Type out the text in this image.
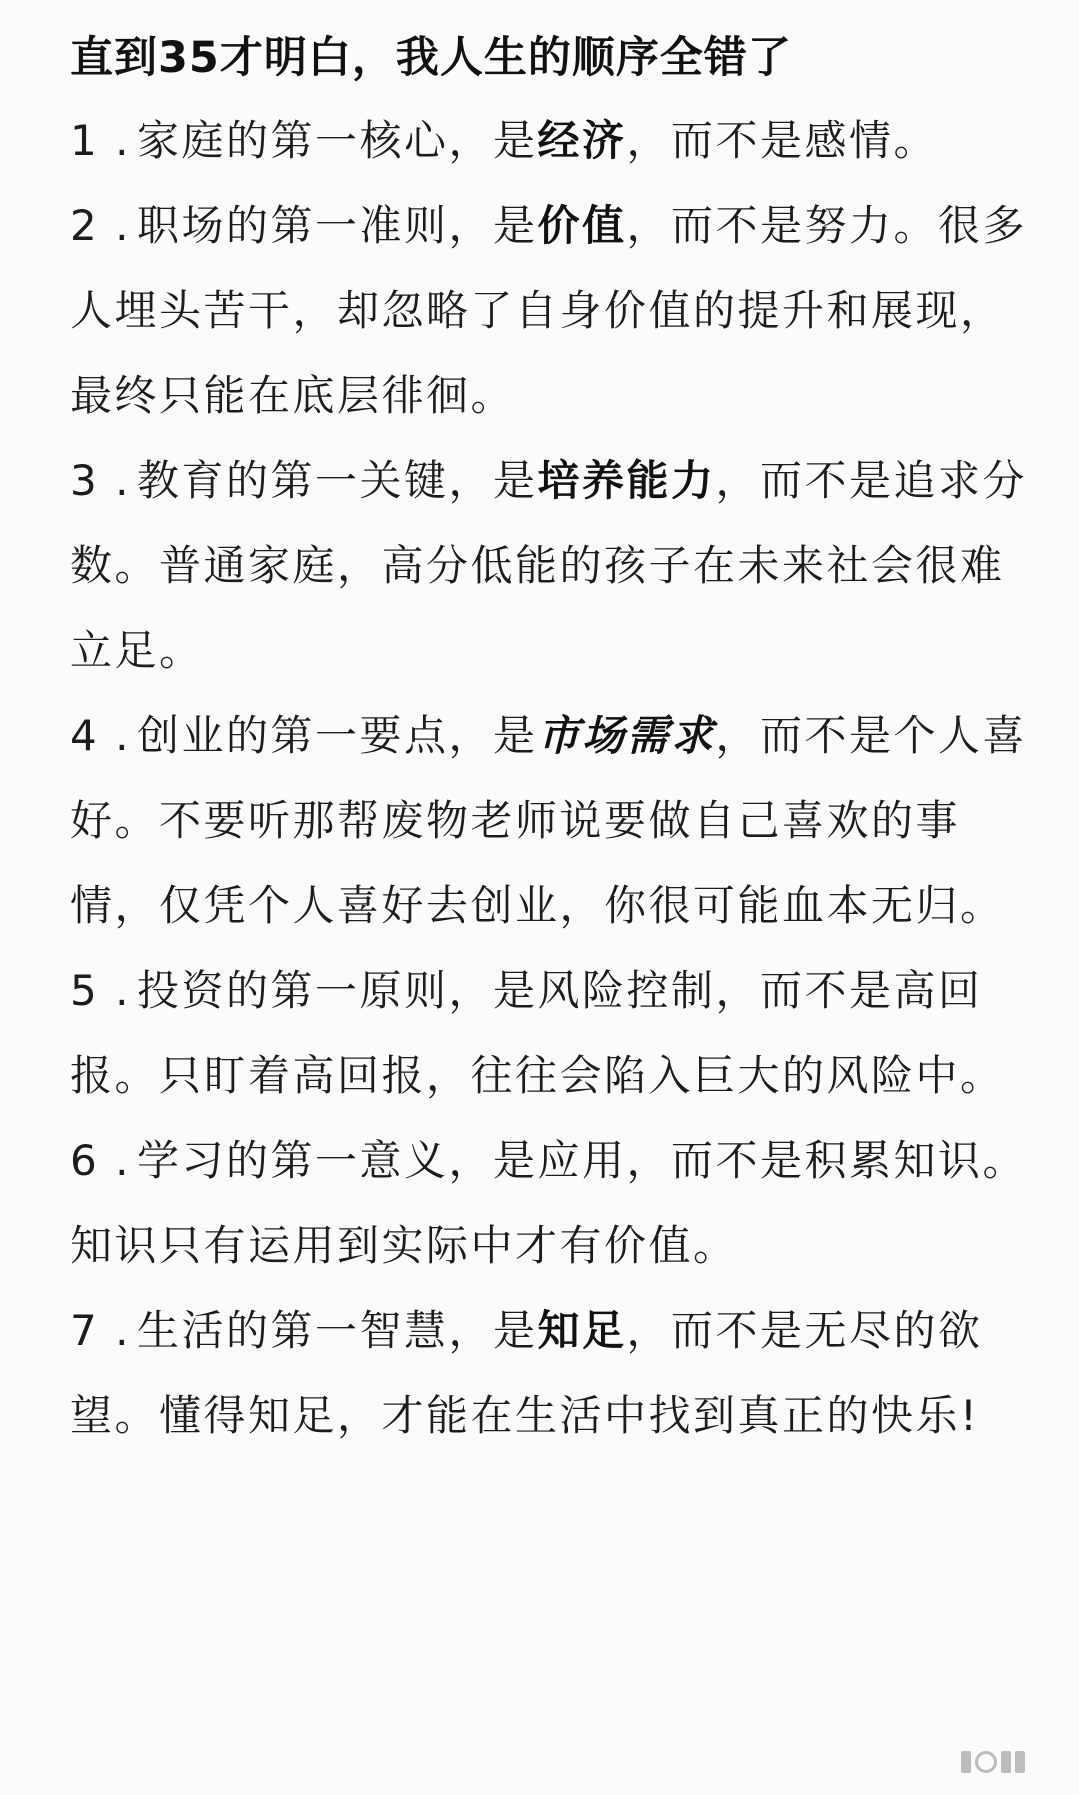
直到35才明白，我人生的顺序全错了

1 . 家庭的第一核心，是经济，而不是感情。

2 . 职场的第一准则，是价值，而不是努力。很多人埋头苦干，却忽略了自身价值的提升和展现，最终只能在底层徘徊。

3 . 教育的第一关键，是培养能力，而不是追求分数。普通家庭，高分低能的孩子在未来社会很难立足。

4 . 创业的第一要点，是市场需求，而不是个人喜好。不要听那帮废物老师说要做自己喜欢的事情，仅凭个人喜好去创业，你很可能血本无归。

5 . 投资的第一原则，是风险控制，而不是高回报。只盯着高回报，往往会陷入巨大的风险中。

6 . 学习的第一意义，是应用，而不是积累知识。知识只有运用到实际中才有价值。

7 . 生活的第一智慧，是知足，而不是无尽的欲望。懂得知足，才能在生活中找到真正的快乐!
